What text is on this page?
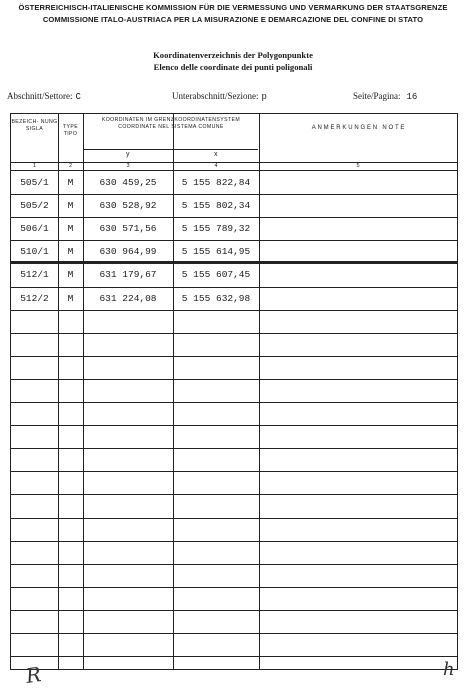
ÖSTERREICHISCH-ITALIENISCHE KOMMISSION FÜR DIE VERMESSUNG UND VERMARKUNG DER STAATSGRENZE
COMMISSIONE ITALO-AUSTRIACA PER LA MISURAZIONE E DEMARCAZIONE DEL CONFINE DI STATO
Koordinatenverzeichnis der Polygonpunkte
Elenco delle coordinate dei punti poligonali
Abschnitt/Settore: C	Unterabschnitt/Sezione: p	Seite/Pagina: 16
BEZEICH- NUNG SIGLA	TYPE TIPO
KOORDINATEN IM GRENZKOORDINATENSYSTEM COORDINATE NEL SISTEMA COMUNE
y	x
ANMERKUNGEN NOTE
1	2	3	4	5
505/1	M	630 459,25	5 155 822,84
505/2	M	630 528,92	5 155 802,34
506/1	M	630 571,56	5 155 789,32
510/1	M	630 964,99	5 155 614,95
512/1	M	631 179,67	5 155 607,45
512/2	M	631 224,08	5 155 632,98
R	h
